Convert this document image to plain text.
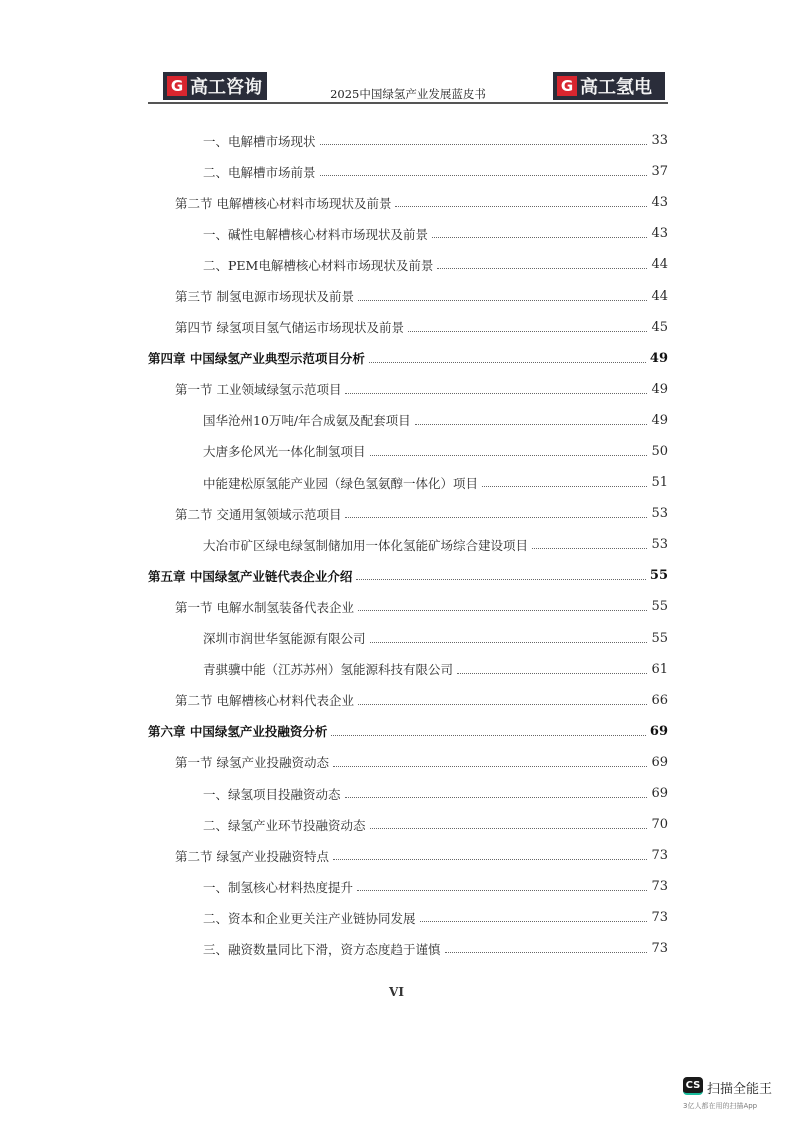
G 高工咨询	2025中国绿氢产业发展蓝皮书	G 高工氢电
一、电解槽市场现状	33
二、电解槽市场前景	37
第二节 电解槽核心材料市场现状及前景	43
一、碱性电解槽核心材料市场现状及前景	43
二、PEM电解槽核心材料市场现状及前景	44
第三节 制氢电源市场现状及前景	44
第四节 绿氢项目氢气储运市场现状及前景	45
第四章 中国绿氢产业典型示范项目分析	49
第一节 工业领域绿氢示范项目	49
国华沧州10万吨/年合成氨及配套项目	49
大唐多伦风光一体化制氢项目	50
中能建松原氢能产业园（绿色氢氨醇一体化）项目	51
第二节 交通用氢领域示范项目	53
大冶市矿区绿电绿氢制储加用一体化氢能矿场综合建设项目	53
第五章 中国绿氢产业链代表企业介绍	55
第一节 电解水制氢装备代表企业	55
深圳市润世华氢能源有限公司	55
青骐骥中能（江苏苏州）氢能源科技有限公司	61
第二节 电解槽核心材料代表企业	66
第六章 中国绿氢产业投融资分析	69
第一节 绿氢产业投融资动态	69
一、绿氢项目投融资动态	69
二、绿氢产业环节投融资动态	70
第二节 绿氢产业投融资特点	73
一、制氢核心材料热度提升	73
二、资本和企业更关注产业链协同发展	73
三、融资数量同比下滑，资方态度趋于谨慎	73
VI
CS 扫描全能王
3亿人都在用的扫描App
